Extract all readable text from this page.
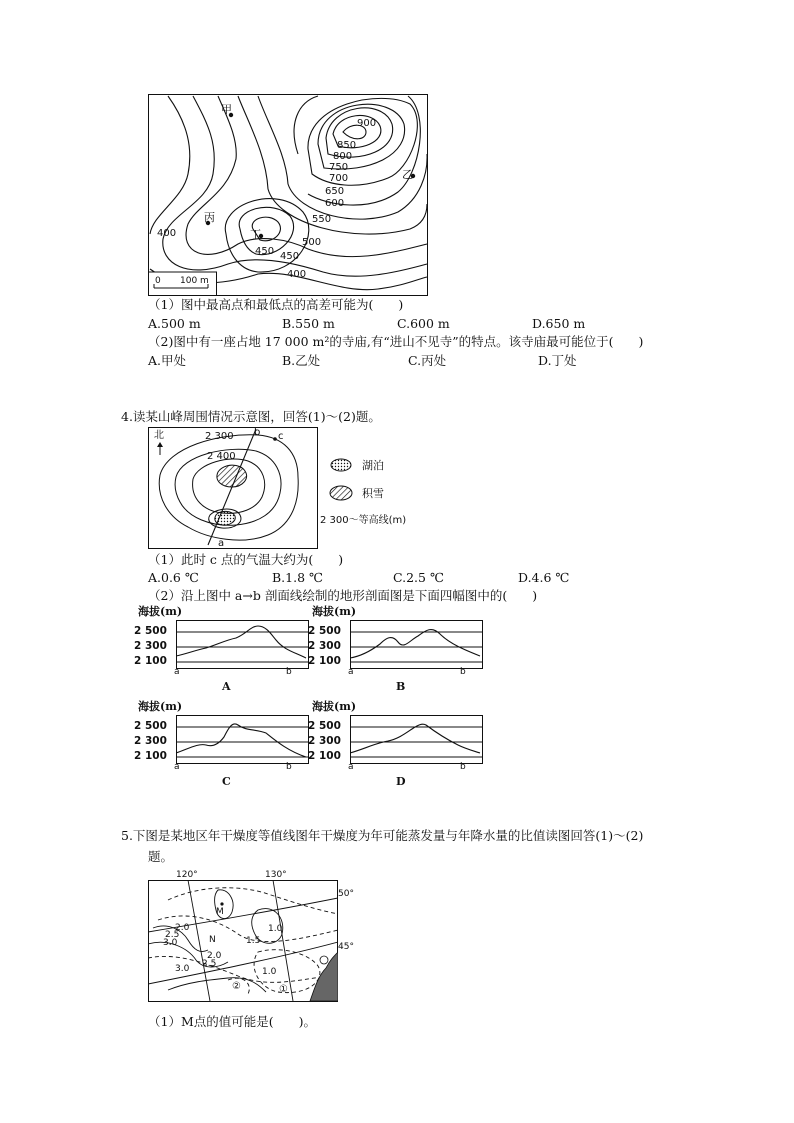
甲
乙
丙
丁
900
850
800
750
700
650
600
550
500
450 450
400
400
0 100 m
（1）图中最高点和最低点的高差可能为(　　)
A.500 m	B.550 m	C.600 m	D.650 m
（2)图中有一座占地 17 000 m²的寺庙,有“进山不见寺”的特点。该寺庙最可能位于(　　)
A.甲处	B.乙处	C.丙处	D.丁处
4.读某山峰周围情况示意图，回答(1)～(2)题。
北	2 300
2 400
b c
a
湖泊
积雪
2 300～等高线(m)
（1）此时 c 点的气温大约为(　　)
A.0.6 ℃	B.1.8 ℃	C.2.5 ℃	D.4.6 ℃
（2）沿上图中 a→b 剖面线绘制的地形剖面图是下面四幅图中的(　　)
海拔(m)
2 500
2 300
2 100
a	b
A
海拔(m)
2 500
2 300
2 100
a	b
B
海拔(m)
2 500
2 300
2 100
a	b
C
海拔(m)
2 500
2 300
2 100
a	b
D
5.下图是某地区年干燥度等值线图年干燥度为年可能蒸发量与年降水量的比值读图回答(1)～(2)
题。
120°	130°
50°
45°
M
N
1.0
2.0
2.5
3.0	1.5
2.0
2.5
3.0	1.0
①
②
（1）M点的值可能是(　　)。
